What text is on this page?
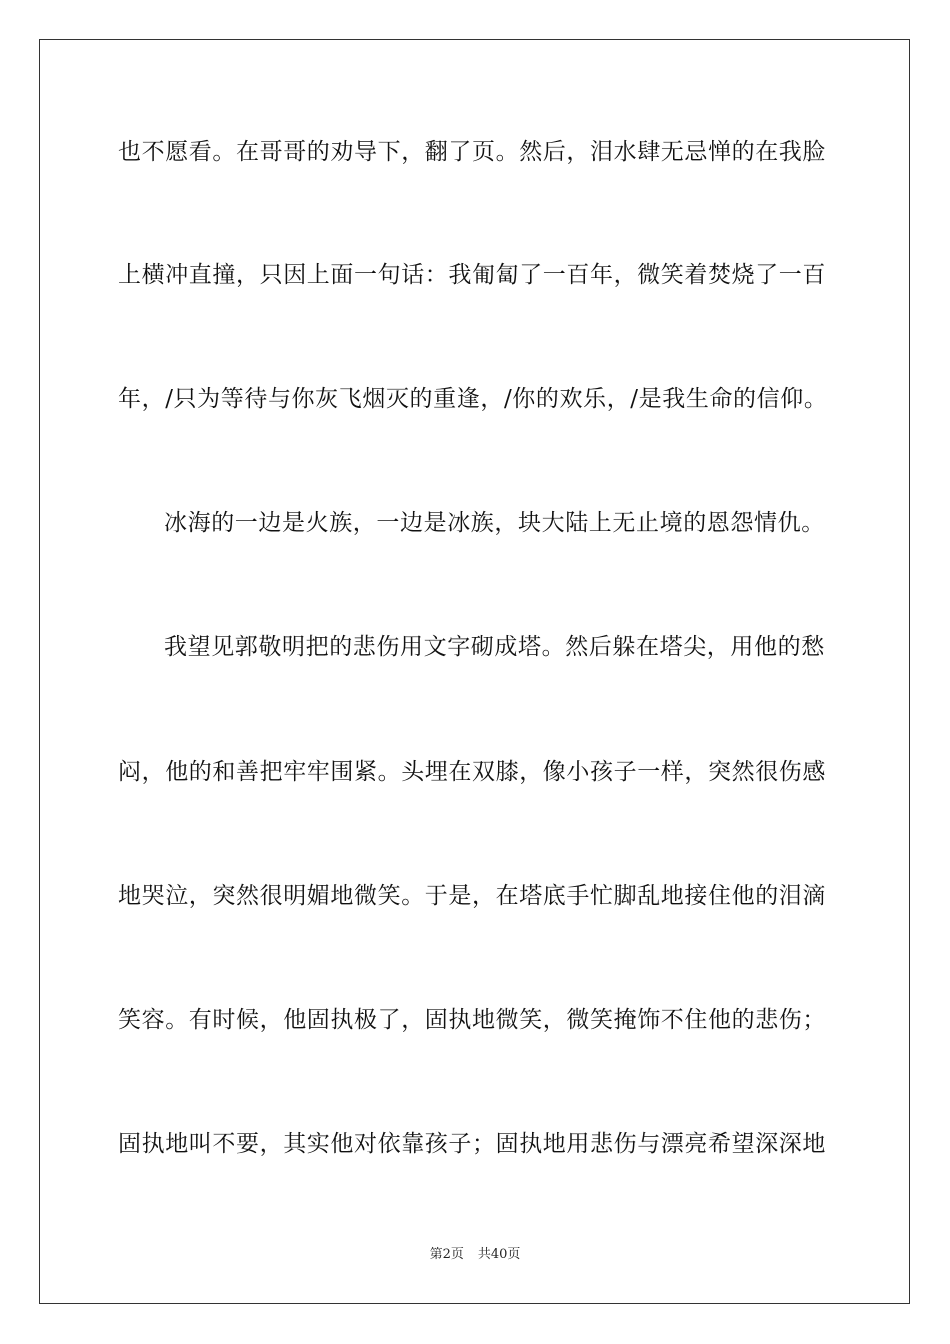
也不愿看。在哥哥的劝导下，翻了页。然后，泪水肆无忌惮的在我脸
上横冲直撞，只因上面一句话：我匍匐了一百年，微笑着焚烧了一百
年，/只为等待与你灰飞烟灭的重逢，/你的欢乐，/是我生命的信仰。
冰海的一边是火族，一边是冰族，块大陆上无止境的恩怨情仇。
我望见郭敬明把的悲伤用文字砌成塔。然后躲在塔尖，用他的愁
闷，他的和善把牢牢围紧。头埋在双膝，像小孩子一样，突然很伤感
地哭泣，突然很明媚地微笑。于是，在塔底手忙脚乱地接住他的泪滴
笑容。有时候，他固执极了，固执地微笑，微笑掩饰不住他的悲伤；
固执地叫不要，其实他对依靠孩子；固执地用悲伤与漂亮希望深深地
第2页 共40页
